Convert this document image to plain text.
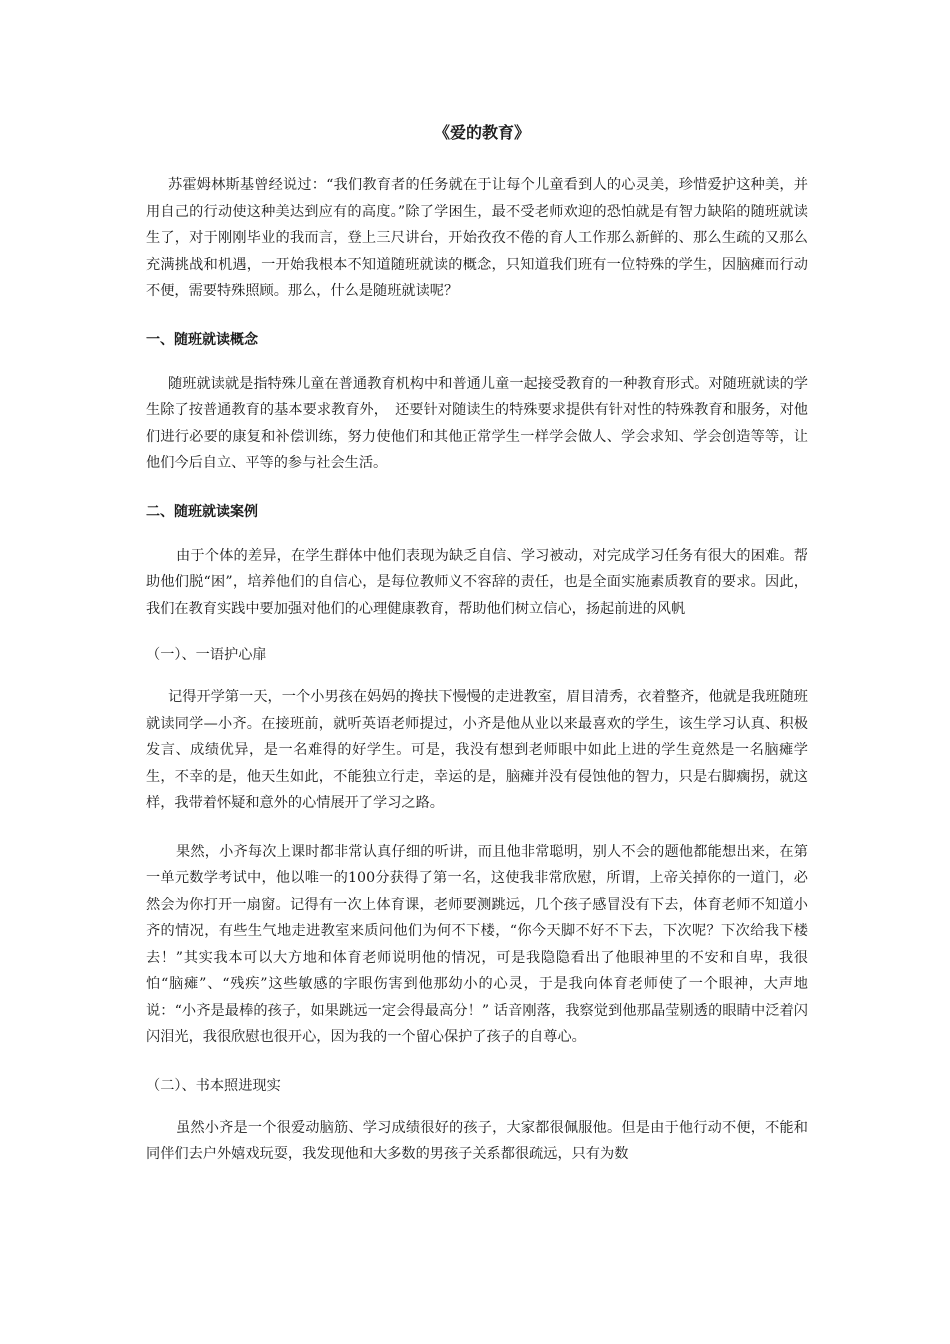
《爱的教育》

苏霍姆林斯基曾经说过：“我们教育者的任务就在于让每个儿童看到人的心灵美，珍惜爱护这种美，并用自己的行动使这种美达到应有的高度。”除了学困生，最不受老师欢迎的恐怕就是有智力缺陷的随班就读生了，对于刚刚毕业的我而言，登上三尺讲台，开始孜孜不倦的育人工作那么新鲜的、那么生疏的又那么充满挑战和机遇，一开始我根本不知道随班就读的概念，只知道我们班有一位特殊的学生，因脑瘫而行动不便，需要特殊照顾。那么，什么是随班就读呢？

一、随班就读概念

随班就读就是指特殊儿童在普通教育机构中和普通儿童一起接受教育的一种教育形式。对随班就读的学生除了按普通教育的基本要求教育外，　还要针对随读生的特殊要求提供有针对性的特殊教育和服务，对他们进行必要的康复和补偿训练，努力使他们和其他正常学生一样学会做人、学会求知、学会创造等等，让他们今后自立、平等的参与社会生活。

二、随班就读案例

由于个体的差异，在学生群体中他们表现为缺乏自信、学习被动，对完成学习任务有很大的困难。帮助他们脱“困”，培养他们的自信心，是每位教师义不容辞的责任，也是全面实施素质教育的要求。因此，我们在教育实践中要加强对他们的心理健康教育，帮助他们树立信心，扬起前进的风帆

（一）、一语护心扉

记得开学第一天，一个小男孩在妈妈的搀扶下慢慢的走进教室，眉目清秀，衣着整齐，他就是我班随班就读同学—小齐。在接班前，就听英语老师提过，小齐是他从业以来最喜欢的学生，该生学习认真、积极发言、成绩优异，是一名难得的好学生。可是，我没有想到老师眼中如此上进的学生竟然是一名脑瘫学生，不幸的是，他天生如此，不能独立行走，幸运的是，脑瘫并没有侵蚀他的智力，只是右脚瘸拐，就这样，我带着怀疑和意外的心情展开了学习之路。

果然，小齐每次上课时都非常认真仔细的听讲，而且他非常聪明，别人不会的题他都能想出来，在第一单元数学考试中，他以唯一的100分获得了第一名，这使我非常欣慰，所谓，上帝关掉你的一道门，必然会为你打开一扇窗。记得有一次上体育课，老师要测跳远，几个孩子感冒没有下去，体育老师不知道小齐的情况，有些生气地走进教室来质问他们为何不下楼，“你今天脚不好不下去，下次呢？下次给我下楼去！”其实我本可以大方地和体育老师说明他的情况，可是我隐隐看出了他眼神里的不安和自卑，我很怕“脑瘫”、“残疾”这些敏感的字眼伤害到他那幼小的心灵，于是我向体育老师使了一个眼神，大声地说：“小齐是最棒的孩子，如果跳远一定会得最高分！” 话音刚落，我察觉到他那晶莹剔透的眼睛中泛着闪闪泪光，我很欣慰也很开心，因为我的一个留心保护了孩子的自尊心。

（二）、书本照进现实

虽然小齐是一个很爱动脑筋、学习成绩很好的孩子，大家都很佩服他。但是由于他行动不便，不能和同伴们去户外嬉戏玩耍，我发现他和大多数的男孩子关系都很疏远，只有为数
